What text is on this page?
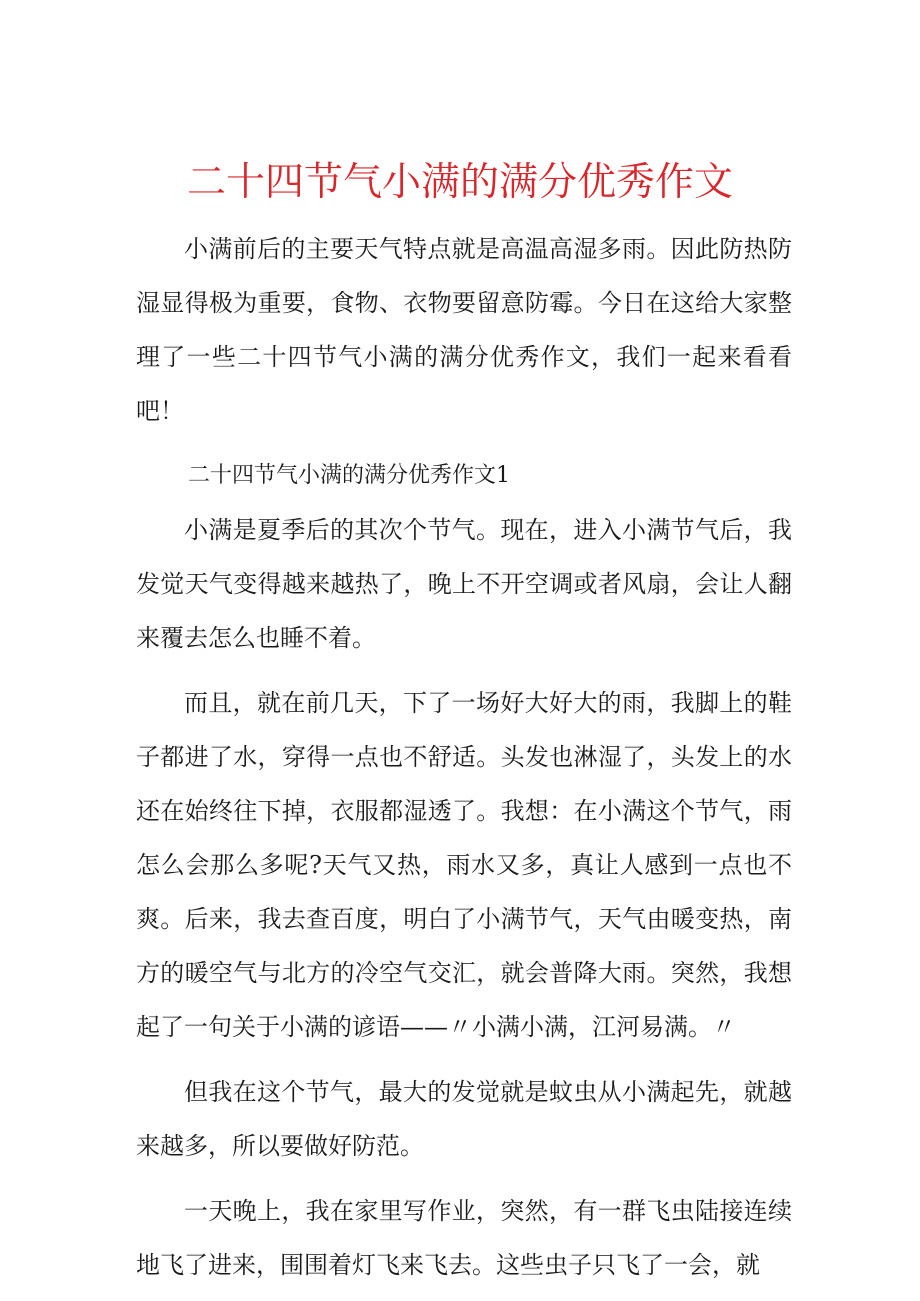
二十四节气小满的满分优秀作文

小满前后的主要天气特点就是高温高湿多雨。因此防热防湿显得极为重要，食物、衣物要留意防霉。今日在这给大家整理了一些二十四节气小满的满分优秀作文，我们一起来看看吧！

二十四节气小满的满分优秀作文1

小满是夏季后的其次个节气。现在，进入小满节气后，我发觉天气变得越来越热了，晚上不开空调或者风扇，会让人翻来覆去怎么也睡不着。

而且，就在前几天，下了一场好大好大的雨，我脚上的鞋子都进了水，穿得一点也不舒适。头发也淋湿了，头发上的水还在始终往下掉，衣服都湿透了。我想：在小满这个节气，雨怎么会那么多呢?天气又热，雨水又多，真让人感到一点也不爽。后来，我去查百度，明白了小满节气，天气由暖变热，南方的暖空气与北方的冷空气交汇，就会普降大雨。突然，我想起了一句关于小满的谚语——〃小满小满，江河易满。〃

但我在这个节气，最大的发觉就是蚊虫从小满起先，就越来越多，所以要做好防范。

一天晚上，我在家里写作业，突然，有一群飞虫陆接连续地飞了进来，围围着灯飞来飞去。这些虫子只飞了一会，就
